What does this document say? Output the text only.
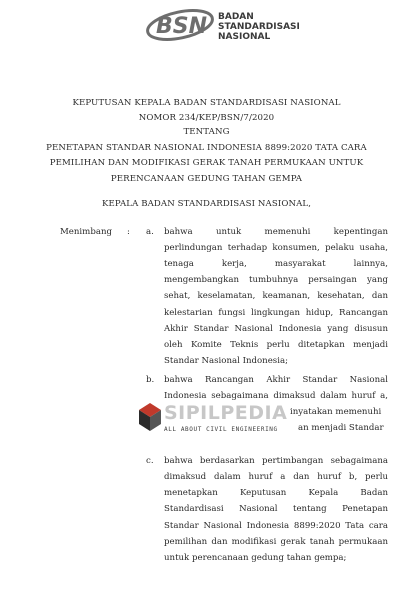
BSN BADAN
STANDARDISASI
NASIONAL
KEPUTUSAN KEPALA BADAN STANDARDISASI NASIONAL
NOMOR 234/KEP/BSN/7/2020
TENTANG
PENETAPAN STANDAR NASIONAL INDONESIA 8899:2020 TATA CARA
PEMILIHAN DAN MODIFIKASI GERAK TANAH PERMUKAAN UNTUK
PERENCANAAN GEDUNG TAHAN GEMPA
KEPALA BADAN STANDARDISASI NASIONAL,
Menimbang : a. bahwa untuk memenuhi kepentingan
perlindungan terhadap konsumen, pelaku usaha,
tenaga kerja, masyarakat lainnya,
mengembangkan tumbuhnya persaingan yang
sehat, keselamatan, keamanan, kesehatan, dan
kelestarian fungsi lingkungan hidup, Rancangan
Akhir Standar Nasional Indonesia yang disusun
oleh Komite Teknis perlu ditetapkan menjadi
Standar Nasional Indonesia;
b. bahwa Rancangan Akhir Standar Nasional
Indonesia sebagaimana dimaksud dalam huruf a,
inyatakan memenuhi
an menjadi Standar
SIPILPEDIA
ALL ABOUT CIVIL ENGINEERING
c. bahwa berdasarkan pertimbangan sebagaimana
dimaksud dalam huruf a dan huruf b, perlu
menetapkan Keputusan Kepala Badan
Standardisasi Nasional tentang Penetapan
Standar Nasional Indonesia 8899:2020 Tata cara
pemilihan dan modifikasi gerak tanah permukaan
untuk perencanaan gedung tahan gempa;
